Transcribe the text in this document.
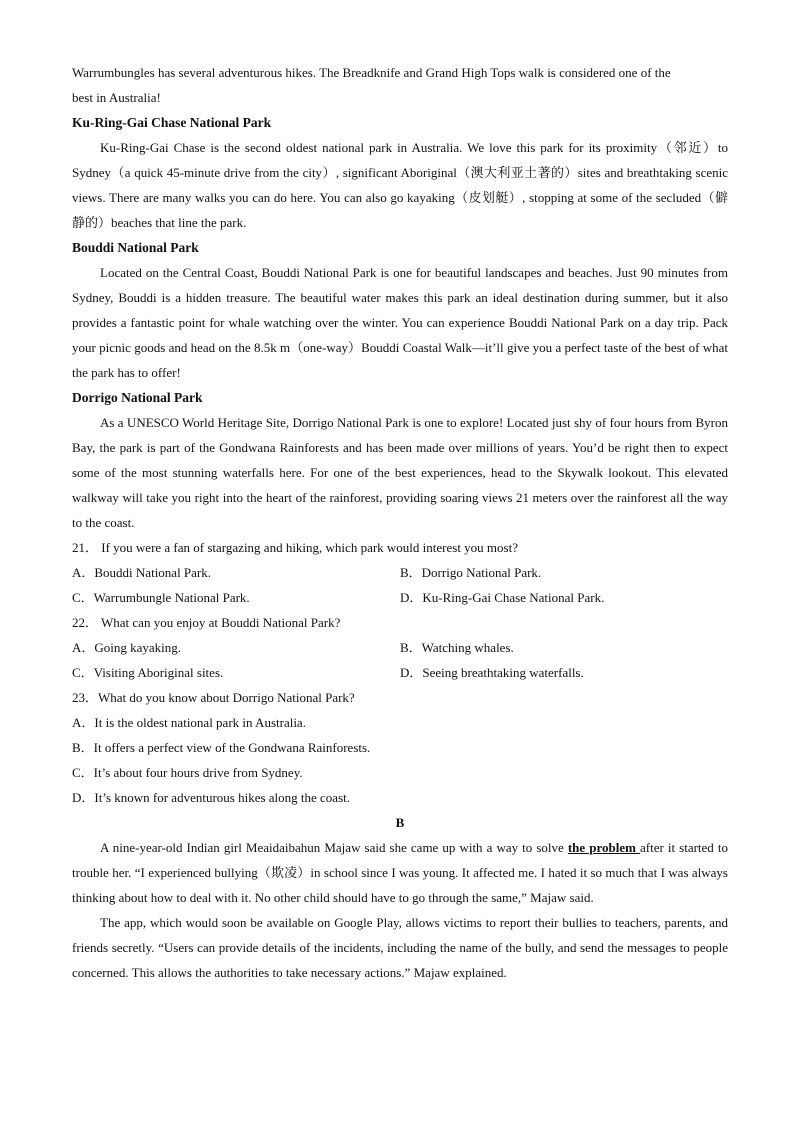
Warrumbungles has several adventurous hikes. The Breadknife and Grand High Tops walk is considered one of the
best in Australia!
Ku-Ring-Gai Chase National Park
Ku-Ring-Gai Chase is the second oldest national park in Australia. We love this park for its proximity（邻近）to Sydney（a quick 45-minute drive from the city）, significant Aboriginal（澳大利亚土著的）sites and breathtaking scenic views. There are many walks you can do here. You can also go kayaking（皮划艇）, stopping at some of the secluded（僻静的）beaches that line the park.
Bouddi National Park
Located on the Central Coast, Bouddi National Park is one for beautiful landscapes and beaches. Just 90 minutes from Sydney, Bouddi is a hidden treasure. The beautiful water makes this park an ideal destination during summer, but it also provides a fantastic point for whale watching over the winter. You can experience Bouddi National Park on a day trip. Pack your picnic goods and head on the 8.5k m（one-way）Bouddi Coastal Walk—it’ll give you a perfect taste of the best of what the park has to offer!
Dorrigo National Park
As a UNESCO World Heritage Site, Dorrigo National Park is one to explore! Located just shy of four hours from Byron Bay, the park is part of the Gondwana Rainforests and has been made over millions of years. You’d be right then to expect some of the most stunning waterfalls here. For one of the best experiences, head to the Skywalk lookout. This elevated walkway will take you right into the heart of the rainforest, providing soaring views 21 meters over the rainforest all the way to the coast.
21． If you were a fan of stargazing and hiking, which park would interest you most?
A．Bouddi National Park.	B．Dorrigo National Park.
C．Warrumbungle National Park.	D．Ku-Ring-Gai Chase National Park.
22． What can you enjoy at Bouddi National Park?
A．Going kayaking.	B．Watching whales.
C．Visiting Aboriginal sites.	D．Seeing breathtaking waterfalls.
23．What do you know about Dorrigo National Park?
A．It is the oldest national park in Australia.
B．It offers a perfect view of the Gondwana Rainforests.
C．It’s about four hours drive from Sydney.
D．It’s known for adventurous hikes along the coast.
B
A nine-year-old Indian girl Meaidaibahun Majaw said she came up with a way to solve the problem after it started to trouble her. “I experienced bullying（欺凌）in school since I was young. It affected me. I hated it so much that I was always thinking about how to deal with it. No other child should have to go through the same,” Majaw said.
The app, which would soon be available on Google Play, allows victims to report their bullies to teachers, parents, and friends secretly. “Users can provide details of the incidents, including the name of the bully, and send the messages to people concerned. This allows the authorities to take necessary actions.” Majaw explained.
